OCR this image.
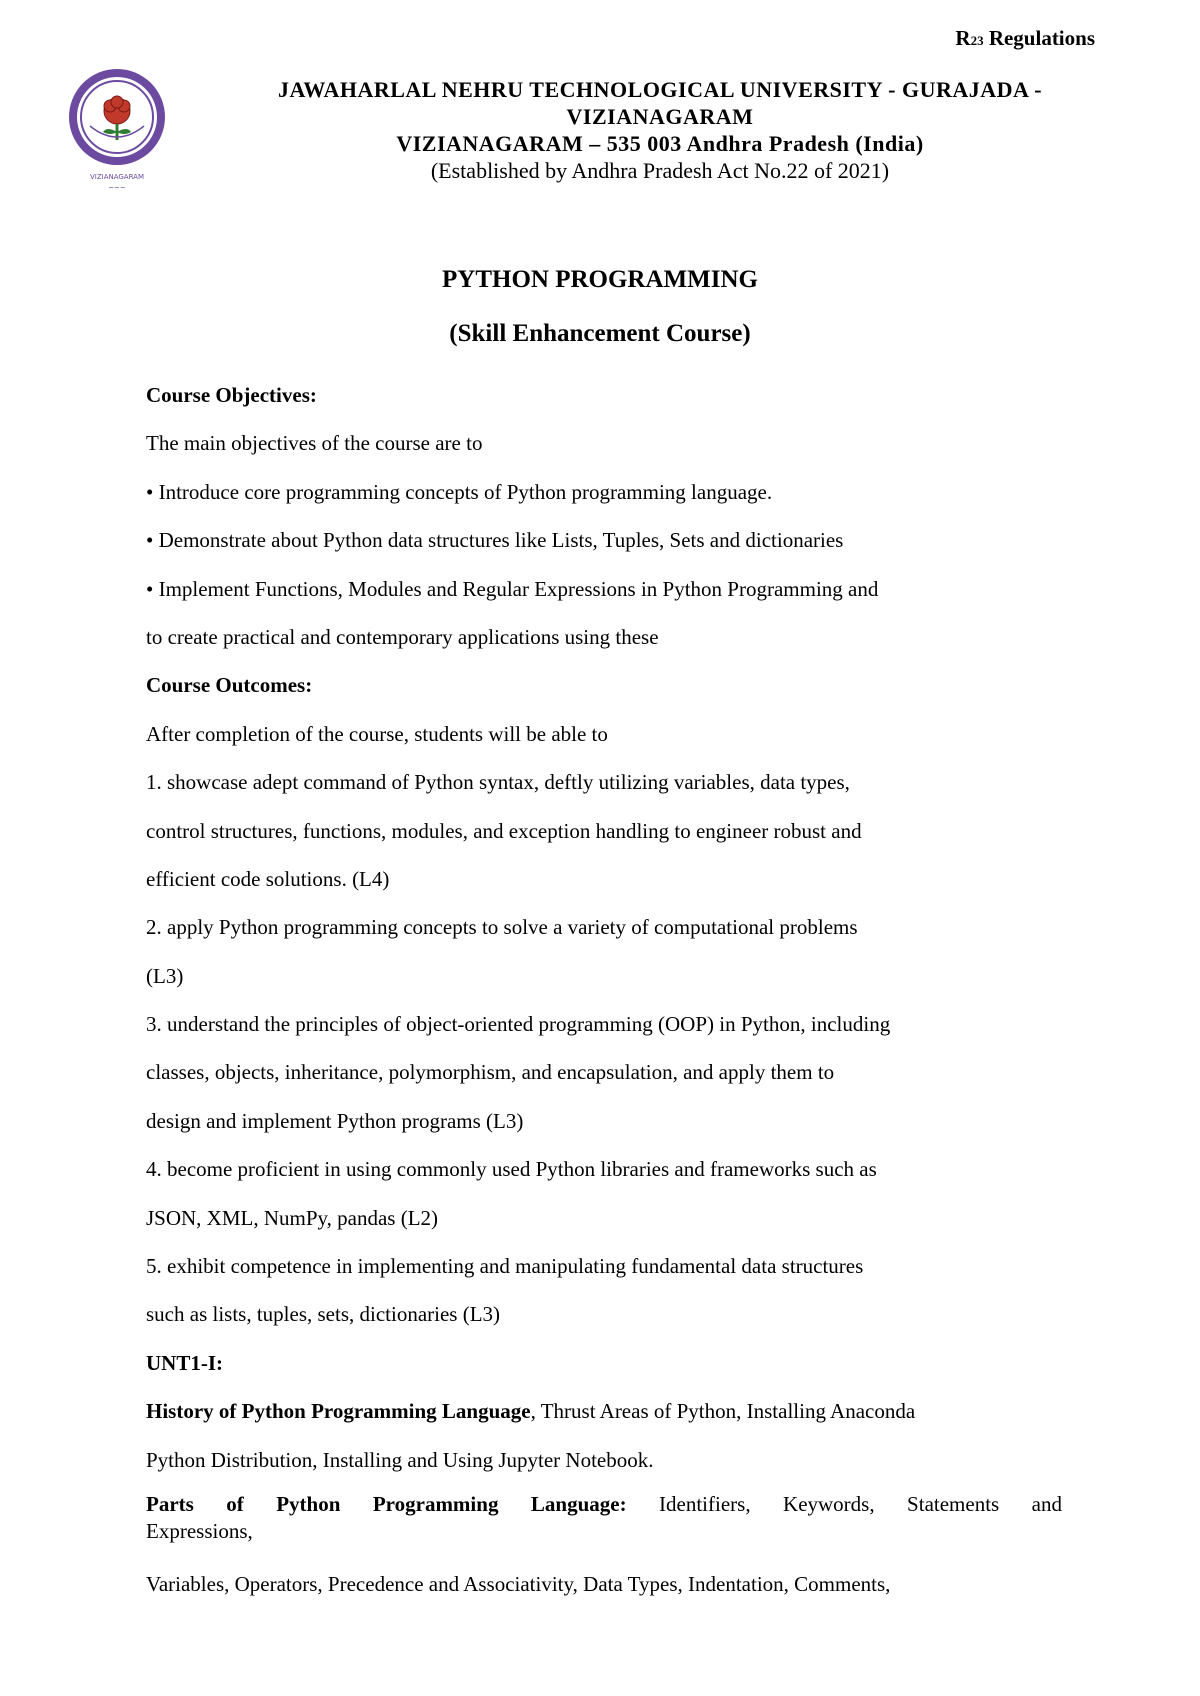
R23 Regulations
VIZIANAGARAM
~~~
JAWAHARLAL NEHRU TECHNOLOGICAL UNIVERSITY - GURAJADA -
VIZIANAGARAM
VIZIANAGARAM – 535 003 Andhra Pradesh (India)
(Established by Andhra Pradesh Act No.22 of 2021)
PYTHON PROGRAMMING
(Skill Enhancement Course)
Course Objectives:
The main objectives of the course are to
• Introduce core programming concepts of Python programming language.
• Demonstrate about Python data structures like Lists, Tuples, Sets and dictionaries
• Implement Functions, Modules and Regular Expressions in Python Programming and
to create practical and contemporary applications using these
Course Outcomes:
After completion of the course, students will be able to
1. showcase adept command of Python syntax, deftly utilizing variables, data types,
control structures, functions, modules, and exception handling to engineer robust and
efficient code solutions. (L4)
2. apply Python programming concepts to solve a variety of computational problems
(L3)
3. understand the principles of object-oriented programming (OOP) in Python, including
classes, objects, inheritance, polymorphism, and encapsulation, and apply them to
design and implement Python programs (L3)
4. become proficient in using commonly used Python libraries and frameworks such as
JSON, XML, NumPy, pandas (L2)
5. exhibit competence in implementing and manipulating fundamental data structures
such as lists, tuples, sets, dictionaries (L3)
UNT1-I:
History of Python Programming Language, Thrust Areas of Python, Installing Anaconda
Python Distribution, Installing and Using Jupyter Notebook.
Parts of Python Programming Language: Identifiers, Keywords, Statements and
Expressions,
Variables, Operators, Precedence and Associativity, Data Types, Indentation, Comments,
